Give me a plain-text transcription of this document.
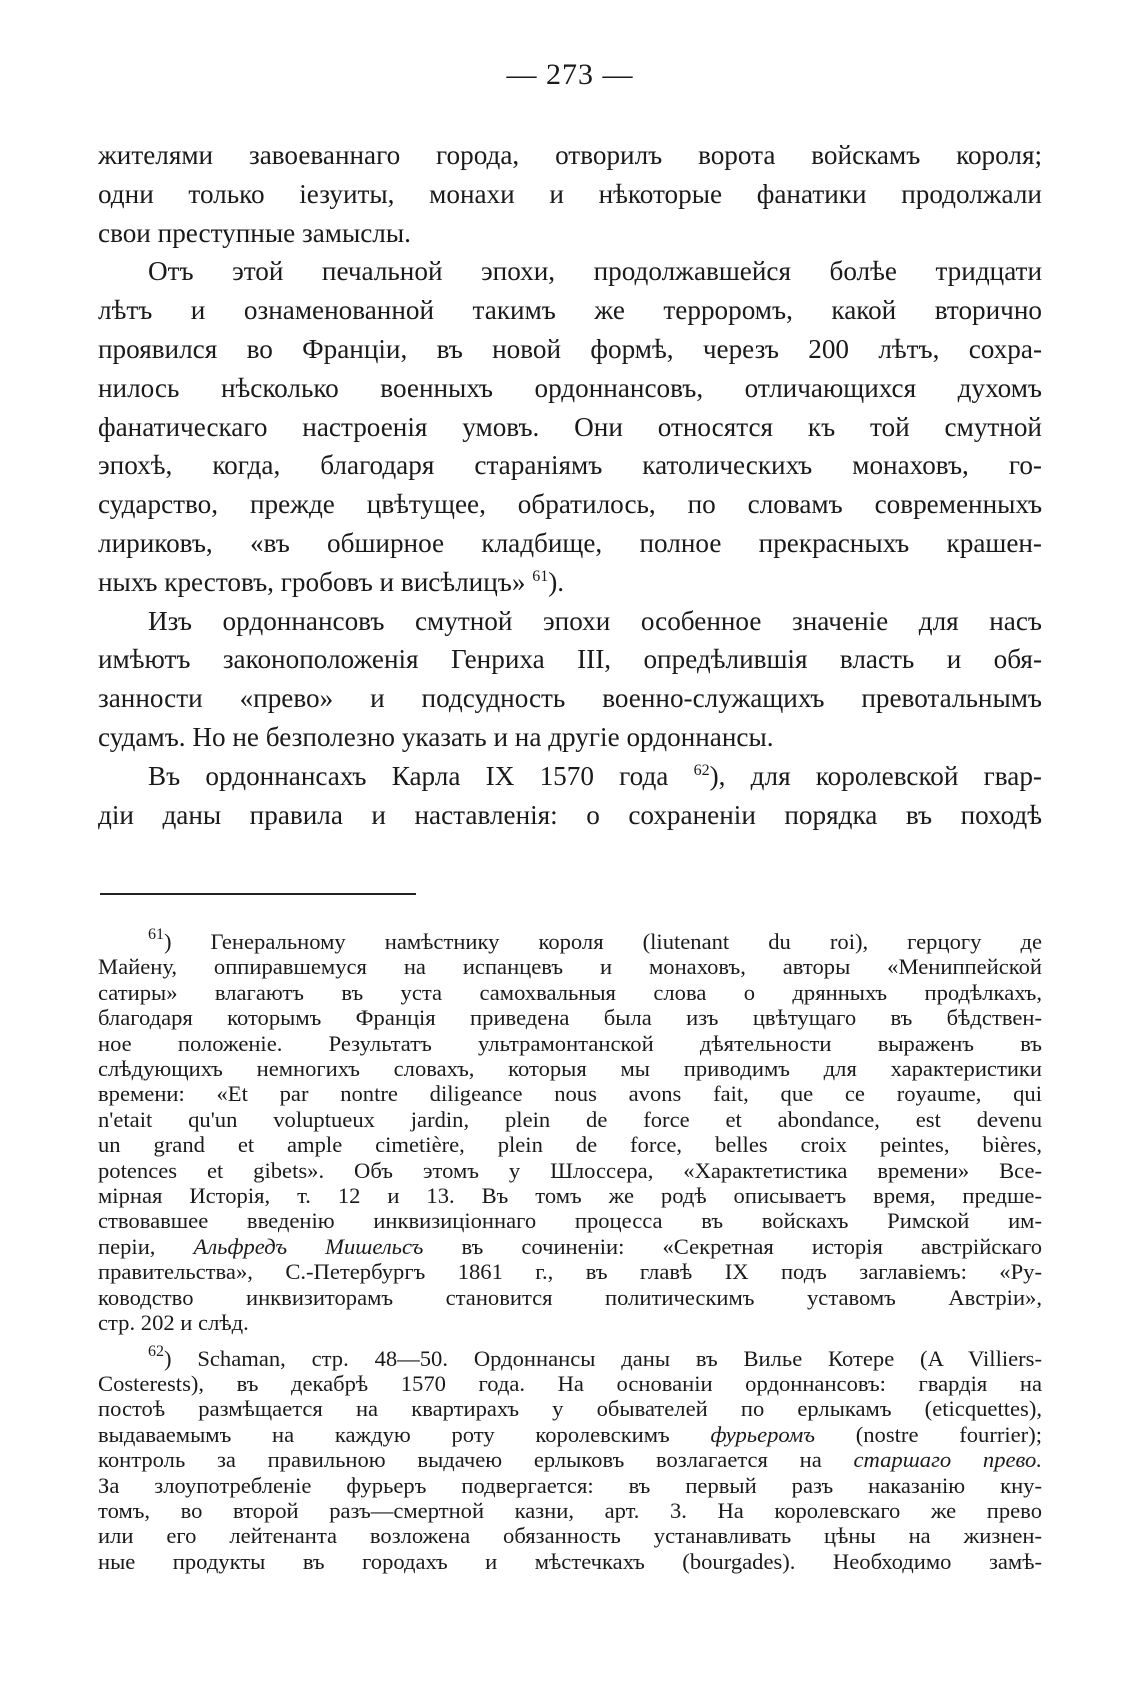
— 273 —

жителями завоеваннаго города, отворилъ ворота войскамъ короля;
одни только іезуиты, монахи и нѣкоторые фанатики продолжали
свои преступные замыслы.

Отъ этой печальной эпохи, продолжавшейся болѣе тридцати
лѣтъ и ознаменованной такимъ же терроромъ, какой вторично
проявился во Франціи, въ новой формѣ, черезъ 200 лѣтъ, сохра-
нилось нѣсколько военныхъ ордоннансовъ, отличающихся духомъ
фанатическаго настроенія умовъ. Они относятся къ той смутной
эпохѣ, когда, благодаря стараніямъ католическихъ монаховъ, го-
сударство, прежде цвѣтущее, обратилось, по словамъ современныхъ
лириковъ, «въ обширное кладбище, полное прекрасныхъ крашен-
ныхъ крестовъ, гробовъ и висѣлицъ» $^{61}$).

Изъ ордоннансовъ смутной эпохи особенное значеніе для насъ
имѣютъ законоположенія Генриха III, опредѣлившія власть и обя-
занности «прево» и подсудность военно-служащихъ превотальнымъ
судамъ. Но не безполезно указать и на другіе ордоннансы.

Въ ордоннансахъ Карла IX 1570 года $^{62}$), для королевской гвар-
діи даны правила и наставленія: о сохраненіи порядка въ походѣ

$^{61}$) Генеральному намѣстнику короля (liutenant du roi), герцогу де
Майену, оппиравшемуся на испанцевъ и монаховъ, авторы «Мениппейской
сатиры» влагаютъ въ уста самохвальныя слова о дрянныхъ продѣлкахъ,
благодаря которымъ Франція приведена была изъ цвѣтущаго въ бѣдствен-
ное положеніе. Результатъ ультрамонтанской дѣятельности выраженъ въ
слѣдующихъ немногихъ словахъ, которыя мы приводимъ для характеристики
времени: «Et par nontre diligeance nous avons fait, que ce royaume, qui
n'etait qu'un voluptueux jardin, plein de force et abondance, est devenu
un grand et ample cimetière, plein de force, belles croix peintes, bières,
potences et gibets». Объ этомъ у Шлоссера, «Характетистика времени» Все-
мірная Исторія, т. 12 и 13. Въ томъ же родѣ описываетъ время, предше-
ствовавшее введенію инквизиціоннаго процесса въ войскахъ Римской им-
періи, Альфредъ Мишельсъ въ сочиненіи: «Секретная исторія австрійскаго
правительства», С.-Петербургъ 1861 г., въ главѣ IX подъ заглавіемъ: «Ру-
ководство инквизиторамъ становится политическимъ уставомъ Австріи»,
стр. 202 и слѣд.

$^{62}$) Schaman, стр. 48—50. Ордоннансы даны въ Вилье Котере (A Villiers-
Costerests), въ декабрѣ 1570 года. На основаніи ордоннансовъ: гвардія на
постоѣ размѣщается на квартирахъ у обывателей по ерлыкамъ (eticquettes),
выдаваемымъ на каждую роту королевскимъ фурьеромъ (nostre fourrier);
контроль за правильною выдачею ерлыковъ возлагается на старшаго прево.
За злоупотребленіе фурьеръ подвергается: въ первый разъ наказанію кну-
томъ, во второй разъ—смертной казни, арт. 3. На королевскаго же прево
или его лейтенанта возложена обязанность устанавливать цѣны на жизнен-
ные продукты въ городахъ и мѣстечкахъ (bourgades). Необходимо замѣ-
